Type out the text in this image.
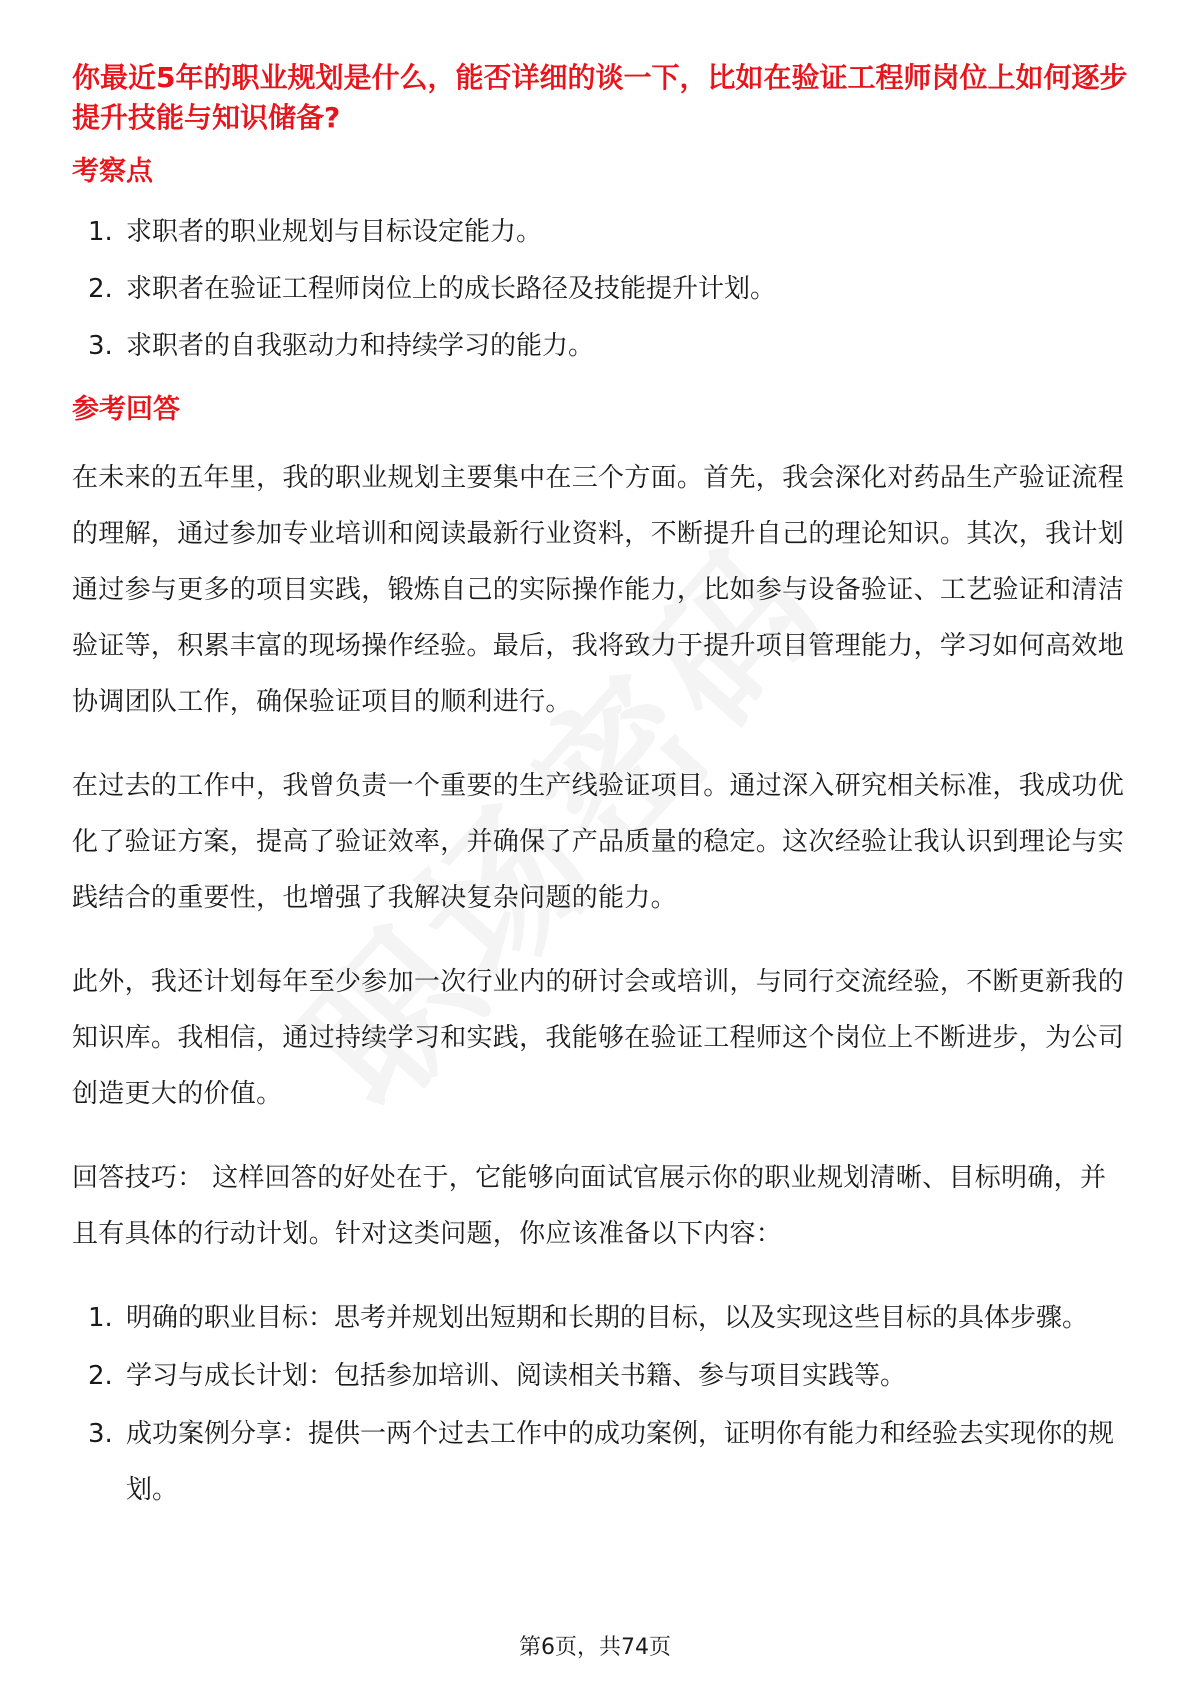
你最近5年的职业规划是什么，能否详细的谈一下，比如在验证工程师岗位上如何逐步提升技能与知识储备?
考察点
1. 求职者的职业规划与目标设定能力。
2. 求职者在验证工程师岗位上的成长路径及技能提升计划。
3. 求职者的自我驱动力和持续学习的能力。
参考回答

在未来的五年里，我的职业规划主要集中在三个方面。首先，我会深化对药品生产验证流程的理解，通过参加专业培训和阅读最新行业资料，不断提升自己的理论知识。其次，我计划通过参与更多的项目实践，锻炼自己的实际操作能力，比如参与设备验证、工艺验证和清洁验证等，积累丰富的现场操作经验。最后，我将致力于提升项目管理能力，学习如何高效地协调团队工作，确保验证项目的顺利进行。

在过去的工作中，我曾负责一个重要的生产线验证项目。通过深入研究相关标准，我成功优化了验证方案，提高了验证效率，并确保了产品质量的稳定。这次经验让我认识到理论与实践结合的重要性，也增强了我解决复杂问题的能力。

此外，我还计划每年至少参加一次行业内的研讨会或培训，与同行交流经验，不断更新我的知识库。我相信，通过持续学习和实践，我能够在验证工程师这个岗位上不断进步，为公司创造更大的价值。

回答技巧： 这样回答的好处在于，它能够向面试官展示你的职业规划清晰、目标明确，并且有具体的行动计划。针对这类问题，你应该准备以下内容：

1. 明确的职业目标：思考并规划出短期和长期的目标，以及实现这些目标的具体步骤。
2. 学习与成长计划：包括参加培训、阅读相关书籍、参与项目实践等。
3. 成功案例分享：提供一两个过去工作中的成功案例，证明你有能力和经验去实现你的规划。
第6页，共74页
